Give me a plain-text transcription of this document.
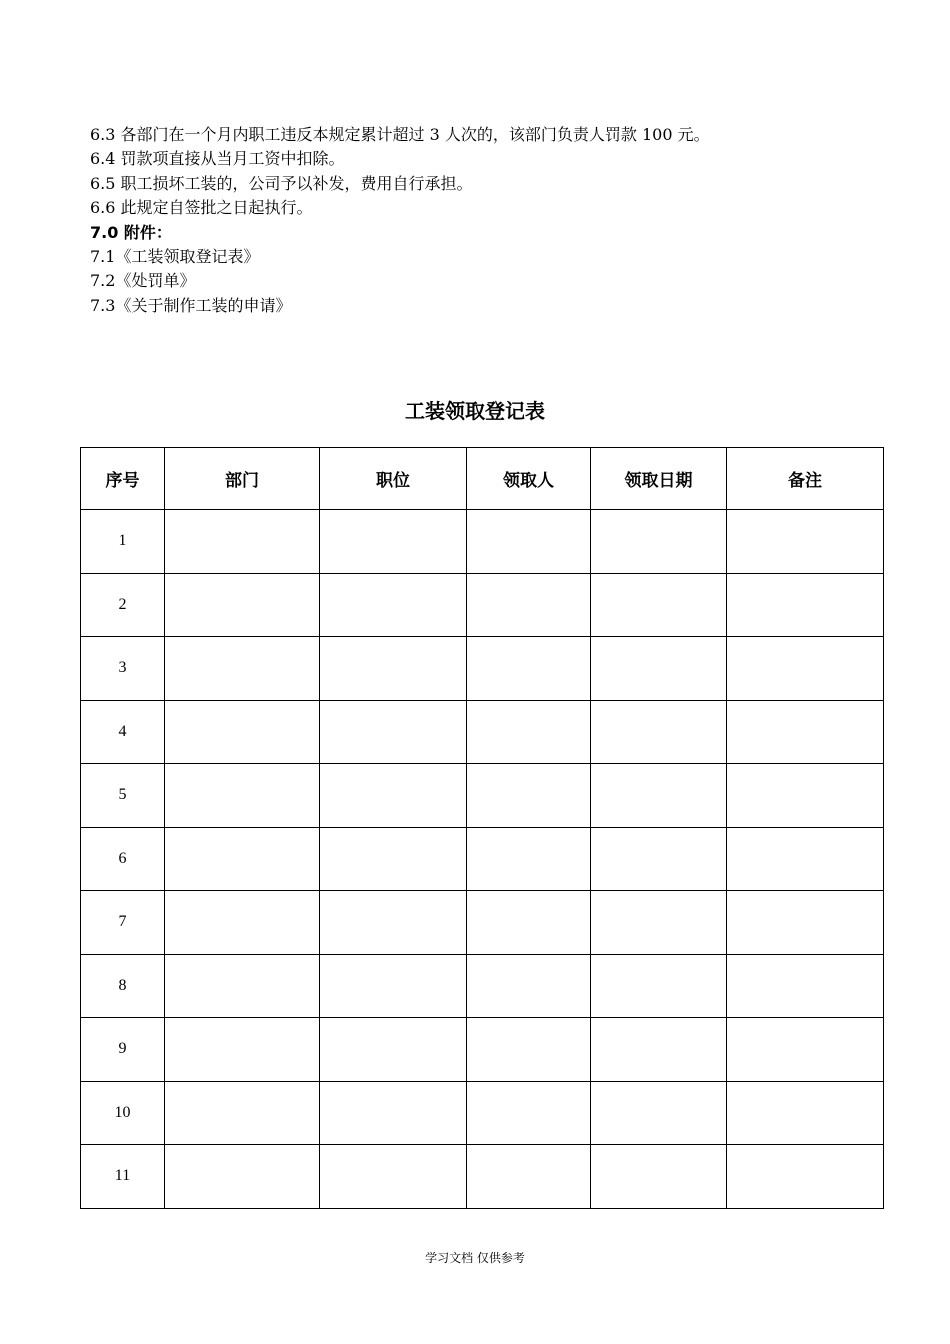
6.3 各部门在一个月内职工违反本规定累计超过 3 人次的，该部门负责人罚款 100 元。
6.4 罚款项直接从当月工资中扣除。
6.5 职工损坏工装的，公司予以补发，费用自行承担。
6.6 此规定自签批之日起执行。
7.0 附件：
7.1《工装领取登记表》
7.2《处罚单》
7.3《关于制作工装的申请》
工装领取登记表
序号	部门	职位	领取人	领取日期	备注
1					
2					
3					
4					
5					
6					
7					
8					
9					
10					
11					
学习文档 仅供参考
